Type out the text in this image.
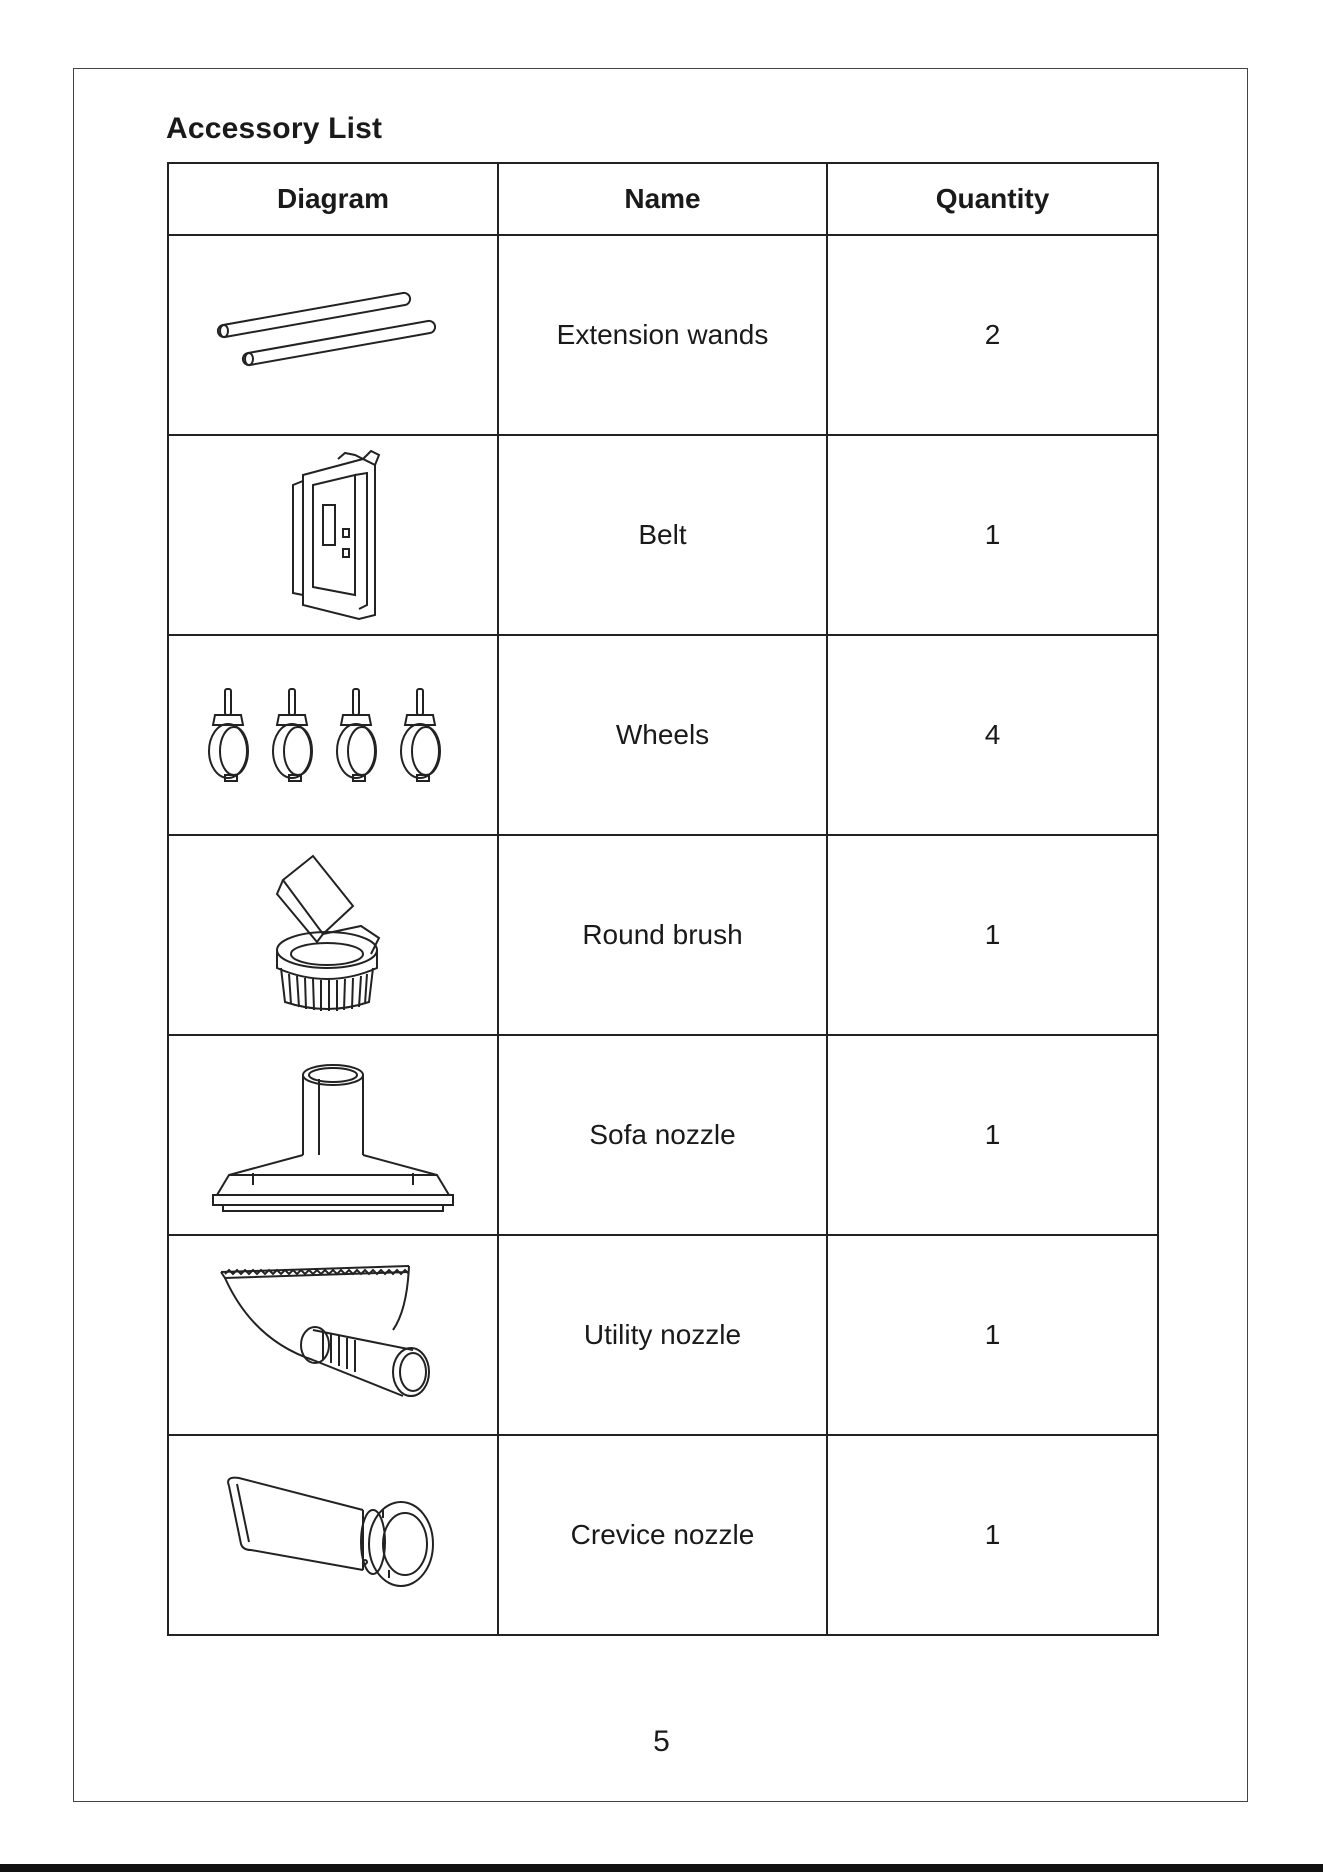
Accessory List
Diagram	Name	Quantity

	Extension wands	2

	Belt	1

	Wheels	4

	Round brush	1

	Sofa nozzle	1

	Utility nozzle	1

	Crevice nozzle	1
5
